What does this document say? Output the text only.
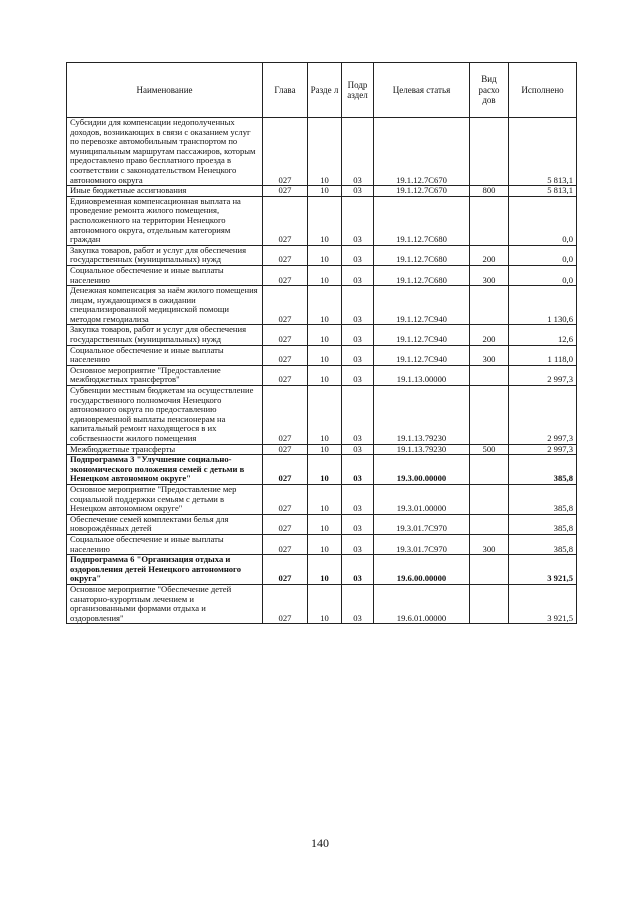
Наименование	Глава	Разде л	Подр аздел	Целевая статья	Вид расхо дов	Исполнено
Субсидии для компенсации недополученных доходов, возникающих в связи с оказанием услуг по перевозке автомобильным транспортом по муниципальным маршрутам пассажиров, которым предоставлено право бесплатного проезда в соответствии с законодательством Ненецкого автономного округа	027	10	03	19.1.12.7С670		5 813,1
Иные бюджетные ассигнования	027	10	03	19.1.12.7С670	800	5 813,1
Единовременная компенсационная выплата на проведение ремонта жилого помещения, расположенного на территории Ненецкого автономного округа, отдельным категориям граждан	027	10	03	19.1.12.7С680		0,0
Закупка товаров, работ и услуг для обеспечения государственных (муниципальных) нужд	027	10	03	19.1.12.7С680	200	0,0
Социальное обеспечение и иные выплаты населению	027	10	03	19.1.12.7С680	300	0,0
Денежная компенсация за наём жилого помещения лицам, нуждающимся в ожидании специализированной медицинской помощи методом гемодиализа	027	10	03	19.1.12.7С940		1 130,6
Закупка товаров, работ и услуг для обеспечения государственных (муниципальных) нужд	027	10	03	19.1.12.7С940	200	12,6
Социальное обеспечение и иные выплаты населению	027	10	03	19.1.12.7С940	300	1 118,0
Основное мероприятие "Предоставление межбюджетных трансфертов"	027	10	03	19.1.13.00000		2 997,3
Субвенции местным бюджетам на осуществление государственного полномочия Ненецкого автономного округа по предоставлению единовременной выплаты пенсионерам на капитальный ремонт находящегося в их собственности жилого помещения	027	10	03	19.1.13.79230		2 997,3
Межбюджетные трансферты	027	10	03	19.1.13.79230	500	2 997,3
Подпрограмма 3 "Улучшение социально-экономического положения семей с детьми в Ненецком автономном округе"	027	10	03	19.3.00.00000		385,8
Основное мероприятие "Предоставление мер социальной поддержки семьям с детьми в Ненецком автономном округе"	027	10	03	19.3.01.00000		385,8
Обеспечение семей комплектами белья для новорождённых детей	027	10	03	19.3.01.7С970		385,8
Социальное обеспечение и иные выплаты населению	027	10	03	19.3.01.7С970	300	385,8
Подпрограмма 6 "Организация отдыха и оздоровления детей Ненецкого автономного округа"	027	10	03	19.6.00.00000		3 921,5
Основное мероприятие "Обеспечение детей санаторно-курортным лечением и организованными формами отдыха и оздоровления"	027	10	03	19.6.01.00000		3 921,5
140
